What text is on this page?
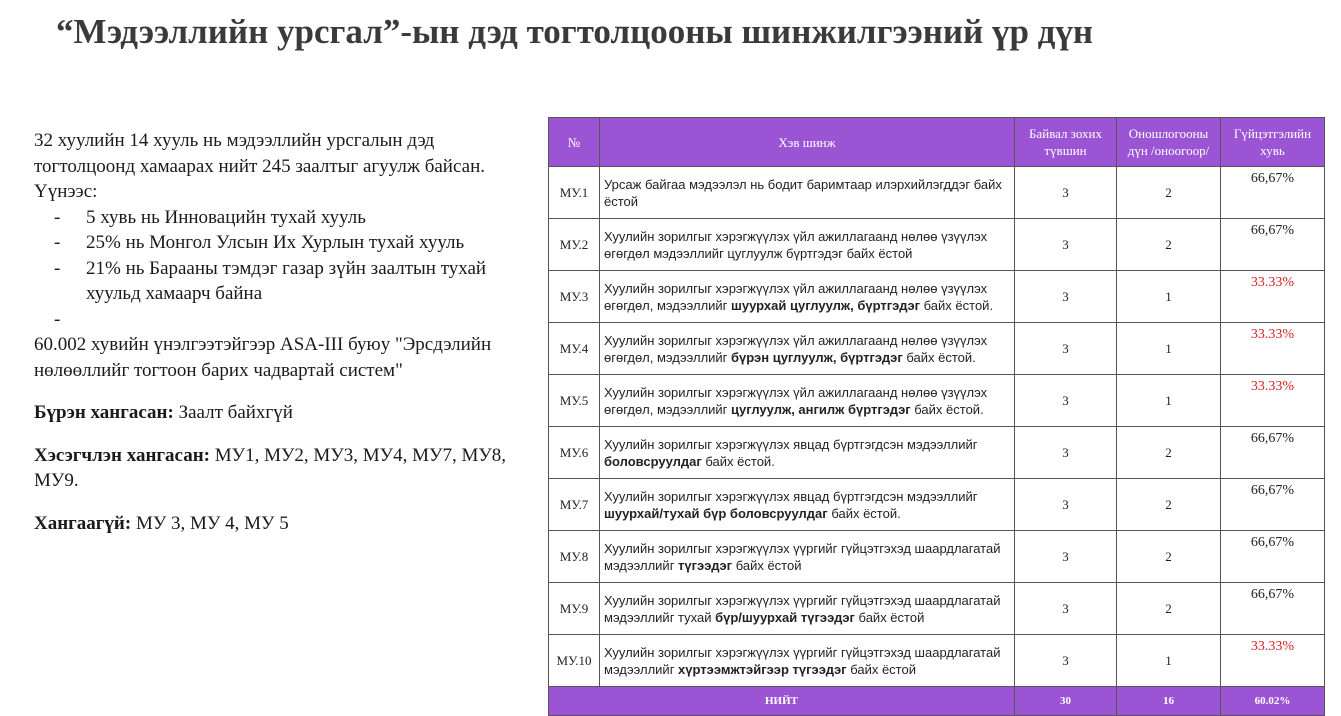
“Мэдээллийн урсгал”-ын дэд тогтолцооны шинжилгээний үр дүн

32 хуулийн 14 хууль нь мэдээллийн урсгалын дэд тогтолцоонд хамаарах нийт 245 заалтыг агуулж байсан. Үүнээс:

- 5 хувь нь Инновацийн тухай хууль
- 25% нь Монгол Улсын Их Хурлын тухай хууль
- 21% нь Барааны тэмдэг газар зүйн заалтын тухай хуульд хамаарч байна
-

60.002 хувийн үнэлгээтэйгээр ASA-III буюу "Эрсдэлийн нөлөөллийг тогтоон барих чадвартай систем"

Бүрэн хангасан: Заалт байхгүй

Хэсэгчлэн хангасан: МУ1, МУ2, МУ3, МУ4, МУ7, МУ8, МУ9.

Хангаагүй: МУ 3, МУ 4, МУ 5

№	Хэв шинж	Байвал зохих түвшин	Оношлогооны дүн /оноогоор/	Гүйцэтгэлийн хувь
МУ.1	Урсаж байгаа мэдээлэл нь бодит баримтаар илэрхийлэгддэг байх ёстой	3	2	66,67%
МУ.2	Хуулийн зорилгыг хэрэгжүүлэх үйл ажиллагаанд нөлөө үзүүлэх өгөгдөл мэдээллийг цуглуулж бүртгэдэг байх ёстой	3	2	66,67%
МУ.3	Хуулийн зорилгыг хэрэгжүүлэх үйл ажиллагаанд нөлөө үзүүлэх өгөгдөл, мэдээллийг шуурхай цуглуулж, бүртгэдэг байх ёстой.	3	1	33.33%
МУ.4	Хуулийн зорилгыг хэрэгжүүлэх үйл ажиллагаанд нөлөө үзүүлэх өгөгдөл, мэдээллийг бүрэн цуглуулж, бүртгэдэг байх ёстой.	3	1	33.33%
МУ.5	Хуулийн зорилгыг хэрэгжүүлэх үйл ажиллагаанд нөлөө үзүүлэх өгөгдөл, мэдээллийг цуглуулж, ангилж бүртгэдэг байх ёстой.	3	1	33.33%
МУ.6	Хуулийн зорилгыг хэрэгжүүлэх явцад бүртгэгдсэн мэдээллийг боловсруулдаг байх ёстой.	3	2	66,67%
МУ.7	Хуулийн зорилгыг хэрэгжүүлэх явцад бүртгэгдсэн мэдээллийг шуурхай/тухай бүр боловсруулдаг байх ёстой.	3	2	66,67%
МУ.8	Хуулийн зорилгыг хэрэгжүүлэх үүргийг гүйцэтгэхэд шаардлагатай мэдээллийг түгээдэг байх ёстой	3	2	66,67%
МУ.9	Хуулийн зорилгыг хэрэгжүүлэх үүргийг гүйцэтгэхэд шаардлагатай мэдээллийг тухай бүр/шуурхай түгээдэг байх ёстой	3	2	66,67%
МУ.10	Хуулийн зорилгыг хэрэгжүүлэх үүргийг гүйцэтгэхэд шаардлагатай мэдээллийг хүртээмжтэйгээр түгээдэг байх ёстой	3	1	33.33%
НИЙТ		30	16	60.02%
